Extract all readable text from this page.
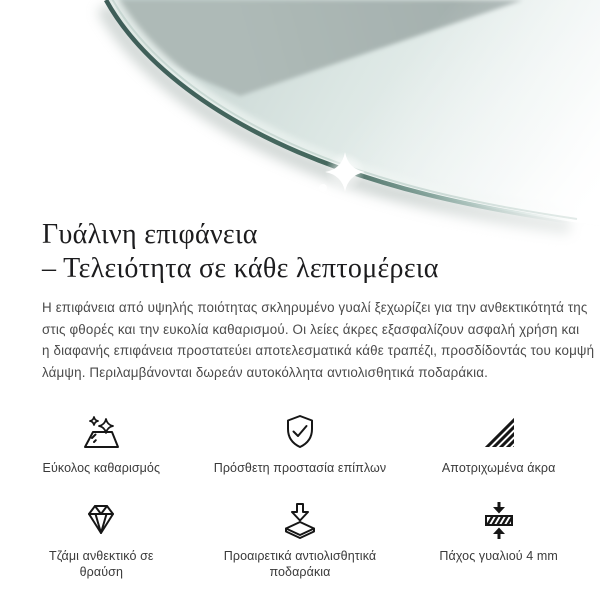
Γυάλινη επιφάνεια
– Τελειότητα σε κάθε λεπτομέρεια
Η επιφάνεια από υψηλής ποιότητας σκληρυμένο γυαλί ξεχωρίζει για την ανθεκτικότητά της
στις φθορές και την ευκολία καθαρισμού. Οι λείες άκρες εξασφαλίζουν ασφαλή χρήση και
η διαφανής επιφάνεια προστατεύει αποτελεσματικά κάθε τραπέζι, προσδίδοντάς του κομψή
λάμψη. Περιλαμβάνονται δωρεάν αυτοκόλλητα αντιολισθητικά ποδαράκια.
Εύκολος καθαρισμός	Πρόσθετη προστασία επίπλων	Αποτριχωμένα άκρα
Τζάμι ανθεκτικό σε θραύση
Προαιρετικά αντιολισθητικά ποδαράκια
Πάχος γυαλιού 4 mm
